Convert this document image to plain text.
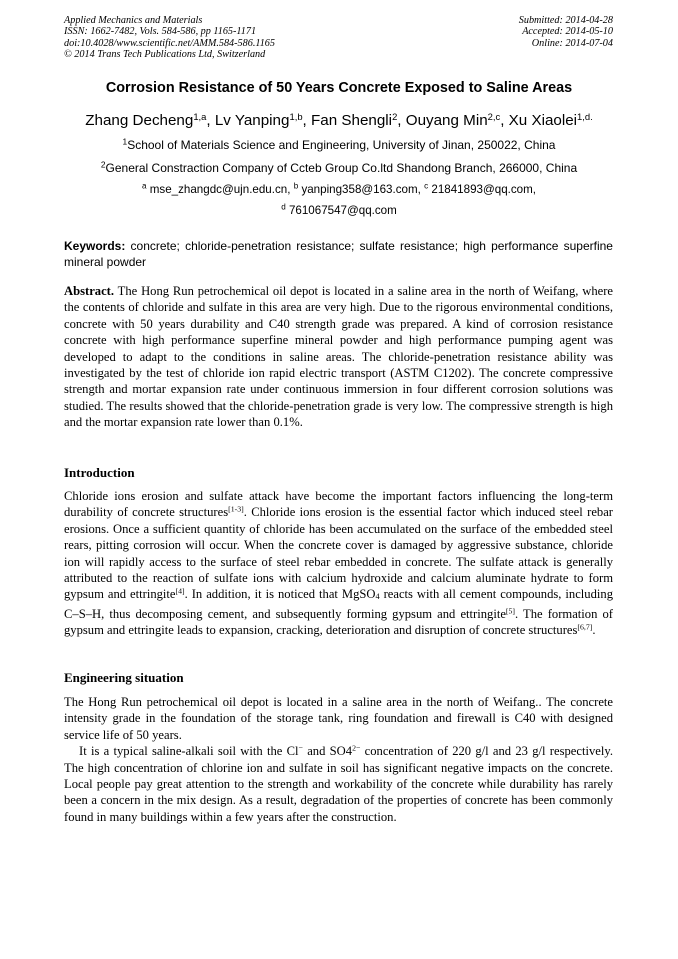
Applied Mechanics and Materials
ISSN: 1662-7482, Vols. 584-586, pp 1165-1171
doi:10.4028/www.scientific.net/AMM.584-586.1165
© 2014 Trans Tech Publications Ltd, Switzerland
Submitted: 2014-04-28
Accepted: 2014-05-10
Online: 2014-07-04
Corrosion Resistance of 50 Years Concrete Exposed to Saline Areas
Zhang Decheng$^{1,a}$, Lv Yanping$^{1,b}$, Fan Shengli$^2$, Ouyang Min$^{2,c}$, Xu Xiaolei$^{1,d.}$
$^1$School of Materials Science and Engineering, University of Jinan, 250022, China
$^2$General Constraction Company of Ccteb Group Co.ltd Shandong Branch, 266000, China
$^a$ mse_zhangdc@ujn.edu.cn, $^b$ yanping358@163.com, $^c$ 21841893@qq.com,
$^d$ 761067547@qq.com
Keywords: concrete; chloride-penetration resistance; sulfate resistance; high performance superfine mineral powder
Abstract. The Hong Run petrochemical oil depot is located in a saline area in the north of Weifang, where the contents of chloride and sulfate in this area are very high. Due to the rigorous environmental conditions, concrete with 50 years durability and C40 strength grade was prepared. A kind of corrosion resistance concrete with high performance superfine mineral powder and high performance pumping agent was developed to adapt to the conditions in saline areas. The chloride-penetration resistance ability was investigated by the test of chloride ion rapid electric transport (ASTM C1202). The concrete compressive strength and mortar expansion rate under continuous immersion in four different corrosion solutions was studied. The results showed that the chloride-penetration grade is very low. The compressive strength is high and the mortar expansion rate lower than 0.1%.
Introduction
Chloride ions erosion and sulfate attack have become the important factors influencing the long-term durability of concrete structures[1-3]. Chloride ions erosion is the essential factor which induced steel rebar erosions. Once a sufficient quantity of chloride has been accumulated on the surface of the embedded steel rears, pitting corrosion will occur. When the concrete cover is damaged by aggressive substance, chloride ion will rapidly access to the surface of steel rebar embedded in concrete. The sulfate attack is generally attributed to the reaction of sulfate ions with calcium hydroxide and calcium aluminate hydrate to form gypsum and ettringite[4]. In addition, it is noticed that MgSO4 reacts with all cement compounds, including C–S–H, thus decomposing cement, and subsequently forming gypsum and ettringite[5]. The formation of gypsum and ettringite leads to expansion, cracking, deterioration and disruption of concrete structures[6,7].
Engineering situation
The Hong Run petrochemical oil depot is located in a saline area in the north of Weifang.. The concrete intensity grade in the foundation of the storage tank, ring foundation and firewall is C40 with designed service life of 50 years.
It is a typical saline-alkali soil with the Cl− and $SO4^{2-}$ concentration of 220 g/l and 23 g/l respectively. The high concentration of chlorine ion and sulfate in soil has significant negative impacts on the concrete. Local people pay great attention to the strength and workability of the concrete while durability has rarely been a concern in the mix design. As a result, degradation of the properties of concrete has been commonly found in many buildings within a few years after the construction.
